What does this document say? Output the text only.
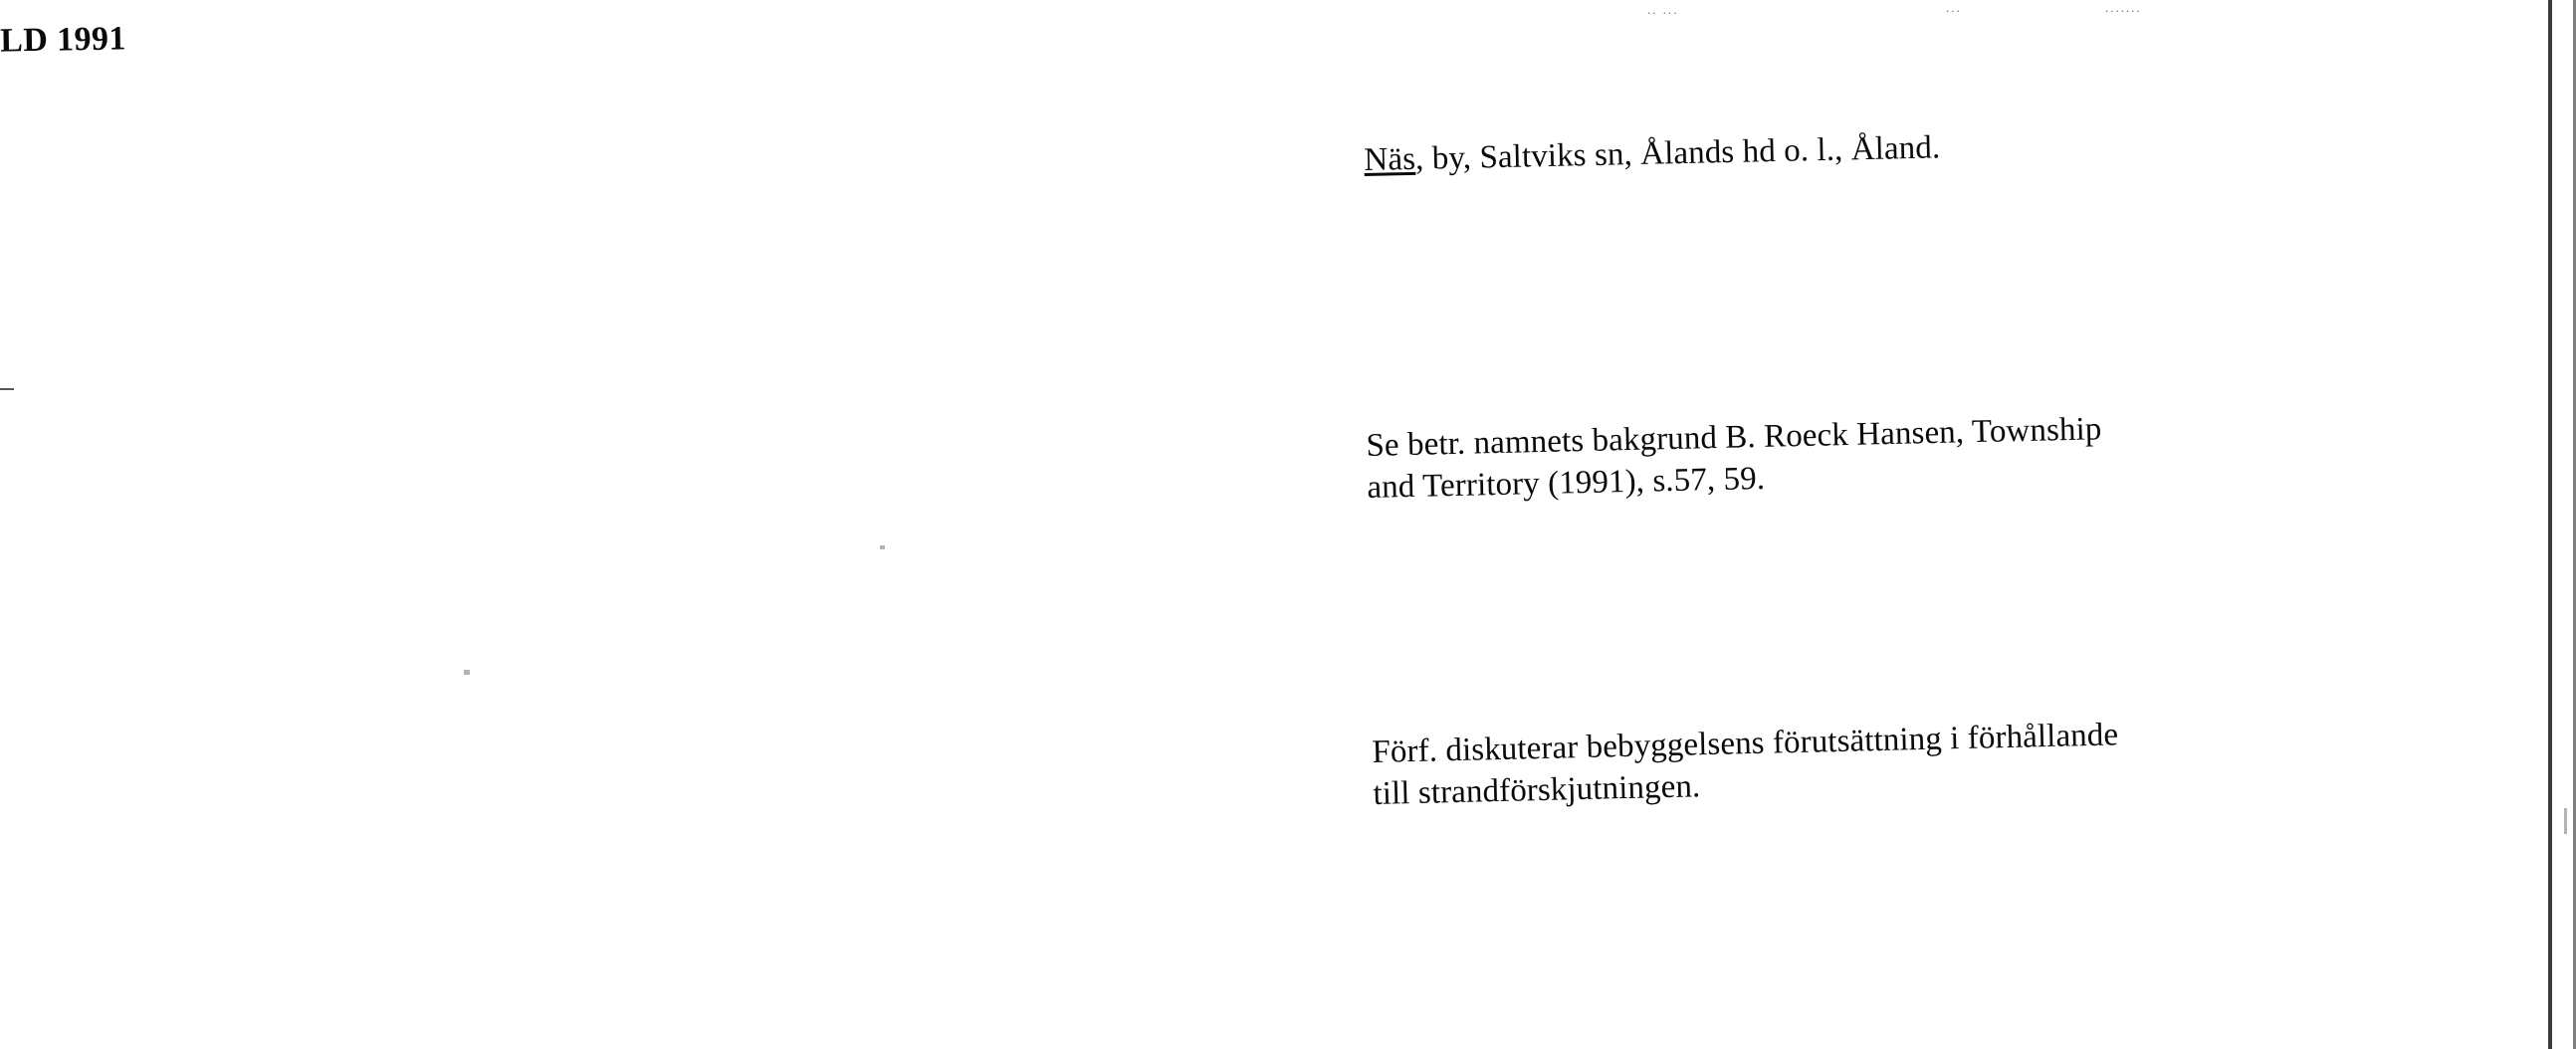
.. ...	...	.......
Näs, by, Saltviks sn, Ålands hd o. l., Åland.
Se betr. namnets bakgrund B. Roeck Hansen, Township
and Territory (1991), s.57, 59.
Förf. diskuterar bebyggelsens förutsättning i förhållande
till strandförskjutningen.
LD 1991
